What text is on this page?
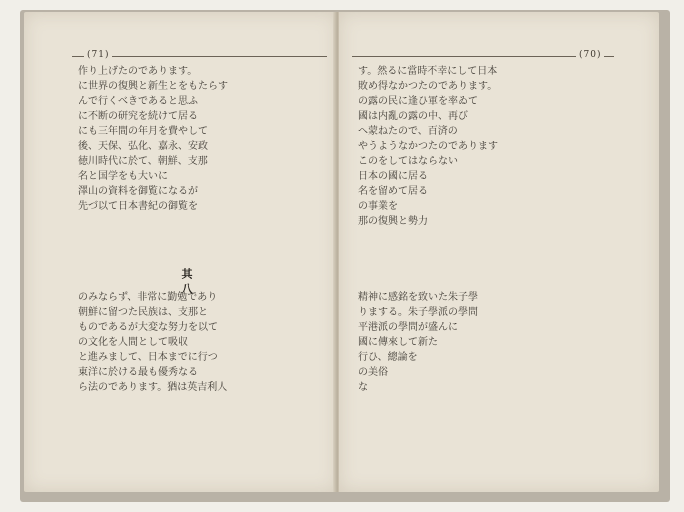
(71)
作り上げたのであります。
に世界の復興と新生とをもたらす
んで行くべきであると思ふ
に不断の研究を続けて居る
にも三年間の年月を費やして
後、天保、弘化、嘉永、安政
徳川時代に於て、朝鮮、支那
名と国学をも大いに
澤山の資料を御覧になるが
先づ以て日本書紀の御覧を
其 八
のみならず、非常に勤勉であり
朝鮮に留つた民族は、支那と
ものであるが大変な努力を以て
の文化を人間として吸収
と進みまして、日本までに行つ
東洋に於ける最も優秀なる
ら法のであります。猶は英吉利人
(70)
す。然るに當時不幸にして日本
敗め得なかつたのであります。
の露の民に逢ひ軍を率ゐて
國は内亂の露の中、再び
へ蒙ねたので、百済の
やうようなかつたのであります
このをしてはならない
日本の國に居る
名を留めて居る
の事業を
那の復興と勢力
精神に感銘を致いた朱子學
りまする。朱子學派の學問
平港派の學問が盛んに
國に傳來して新た
行ひ、總論を
の美俗
な
